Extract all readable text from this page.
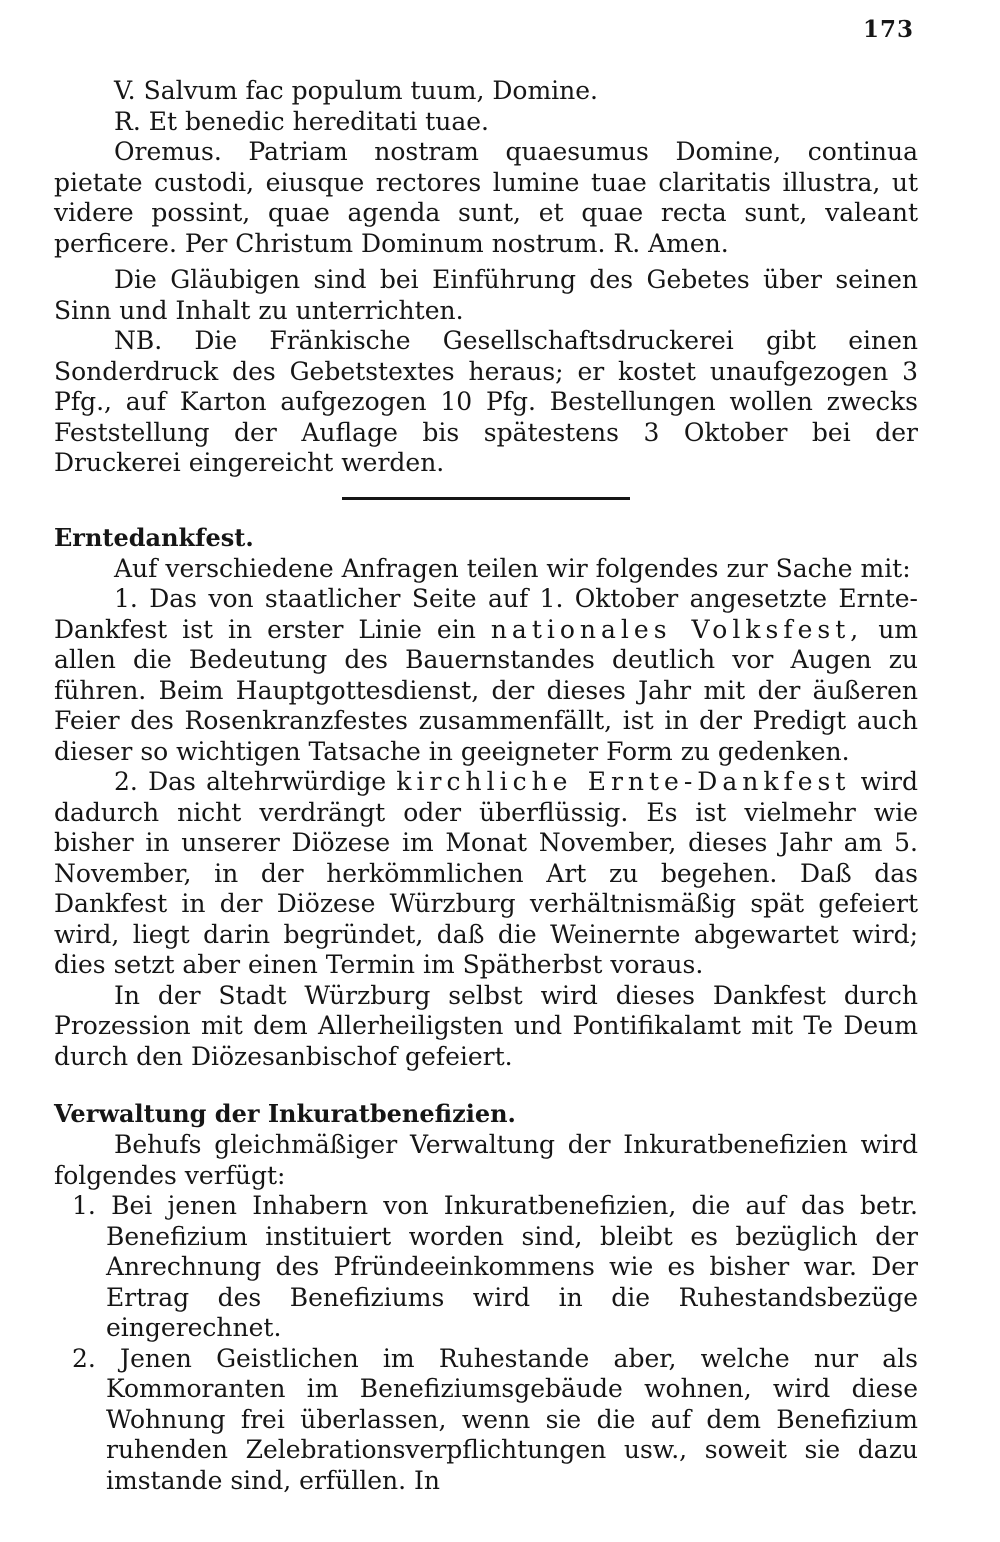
173

V. Salvum fac populum tuum, Domine.

R. Et benedic hereditati tuae.

Oremus. Patriam nostram quaesumus Domine, continua pietate custodi, eiusque rectores lumine tuae claritatis illustra, ut videre possint, quae agenda sunt, et quae recta sunt, valeant perficere. Per Christum Dominum nostrum. R. Amen.

Die Gläubigen sind bei Einführung des Gebetes über seinen Sinn und Inhalt zu unterrichten.

NB. Die Fränkische Gesellschaftsdruckerei gibt einen Sonderdruck des Gebetstextes heraus; er kostet unaufgezogen 3 Pfg., auf Karton aufgezogen 10 Pfg. Bestellungen wollen zwecks Feststellung der Auflage bis spätestens 3 Oktober bei der Druckerei eingereicht werden.

Erntedankfest.

Auf verschiedene Anfragen teilen wir folgendes zur Sache mit:

1. Das von staatlicher Seite auf 1. Oktober angesetzte Ernte-Dankfest ist in erster Linie ein nationales Volksfest, um allen die Bedeutung des Bauernstandes deutlich vor Augen zu führen. Beim Hauptgottesdienst, der dieses Jahr mit der äußeren Feier des Rosenkranzfestes zusammenfällt, ist in der Predigt auch dieser so wichtigen Tatsache in geeigneter Form zu gedenken.

2. Das altehrwürdige kirchliche Ernte-Dankfest wird dadurch nicht verdrängt oder überflüssig. Es ist vielmehr wie bisher in unserer Diözese im Monat November, dieses Jahr am 5. November, in der herkömmlichen Art zu begehen. Daß das Dankfest in der Diözese Würzburg verhältnismäßig spät gefeiert wird, liegt darin begründet, daß die Weinernte abgewartet wird; dies setzt aber einen Termin im Spätherbst voraus.

In der Stadt Würzburg selbst wird dieses Dankfest durch Prozession mit dem Allerheiligsten und Pontifikalamt mit Te Deum durch den Diözesanbischof gefeiert.

Verwaltung der Inkuratbenefizien.

Behufs gleichmäßiger Verwaltung der Inkuratbenefizien wird folgendes verfügt:

1. Bei jenen Inhabern von Inkuratbenefizien, die auf das betr. Benefizium instituiert worden sind, bleibt es bezüglich der Anrechnung des Pfründeeinkommens wie es bisher war. Der Ertrag des Benefiziums wird in die Ruhestandsbezüge eingerechnet.

2. Jenen Geistlichen im Ruhestande aber, welche nur als Kommoranten im Benefiziumsgebäude wohnen, wird diese Wohnung frei überlassen, wenn sie die auf dem Benefizium ruhenden Zelebrationsverpflichtungen usw., soweit sie dazu imstande sind, erfüllen. In
